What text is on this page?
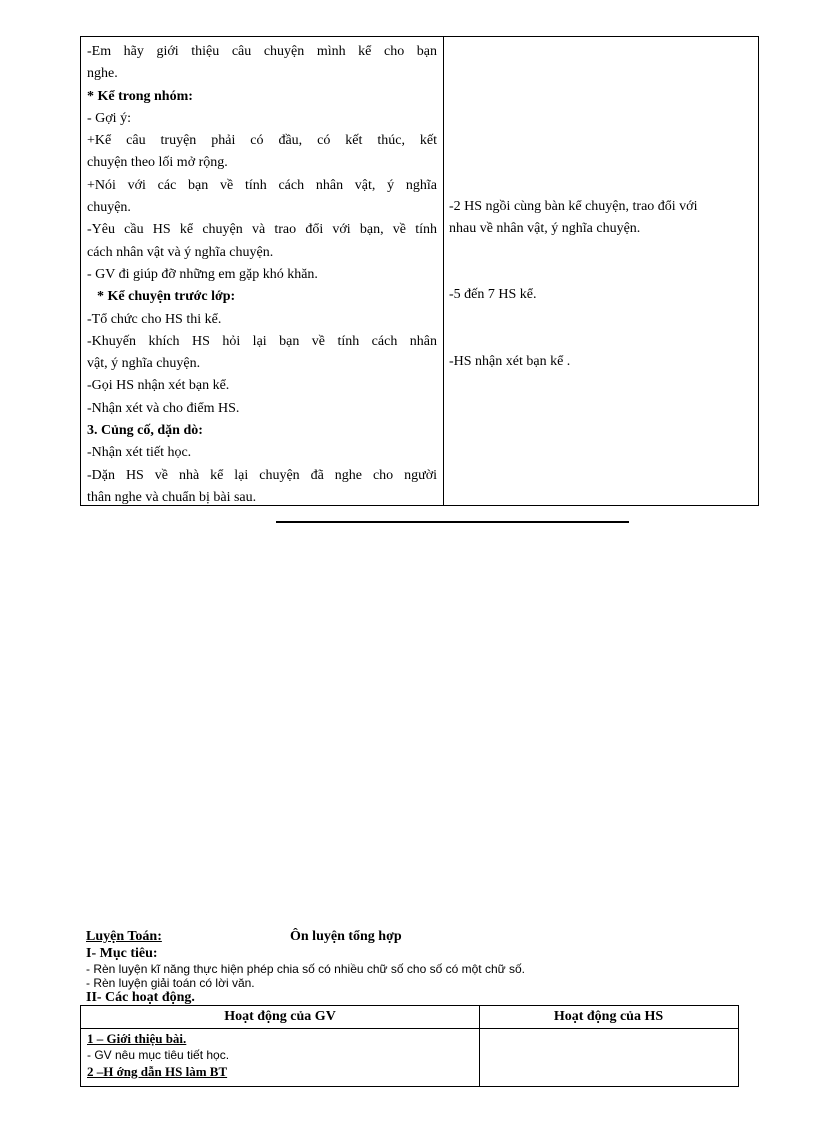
-Em hãy giới thiệu câu chuyện mình kể cho bạn
nghe.
* Kể trong nhóm:
- Gợi ý:
+Kể câu truyện phải có đầu, có kết thúc, kết
chuyện theo lối mở rộng.
+Nói với các bạn về tính cách nhân vật, ý nghĩa
chuyện.
-Yêu cầu HS kể chuyện và trao đổi với bạn, về tính
cách nhân vật và ý nghĩa chuyện.
- GV đi giúp đỡ những em gặp khó khăn.
* Kể chuyện trước lớp:
-Tổ chức cho HS thi kể.
-Khuyến khích HS hỏi lại bạn về tính cách nhân
vật, ý nghĩa chuyện.
-Gọi HS nhận xét bạn kể.
-Nhận xét và cho điểm HS.
3. Củng cố, dặn dò:
-Nhận xét tiết học.
-Dặn HS về nhà kể lại chuyện đã nghe cho người
thân nghe và chuẩn bị bài sau.
-2 HS ngồi cùng bàn kể chuyện, trao đổi với
nhau về nhân vật, ý nghĩa chuyện.
-5 đến 7 HS kể.
-HS nhận xét bạn kể .
Luyện Toán:	Ôn luyện tổng hợp
I- Mục tiêu:
- Rèn luyện kĩ năng thực hiện phép chia số có nhiều chữ số cho số có một chữ số.
- Rèn luyện giải toán có lời văn.
II- Các hoạt động.
Hoạt động của GV	Hoạt động của HS
1 – Giới thiệu bài.
- GV nêu mục tiêu tiết học.
2 –H ớng dẫn HS làm BT
